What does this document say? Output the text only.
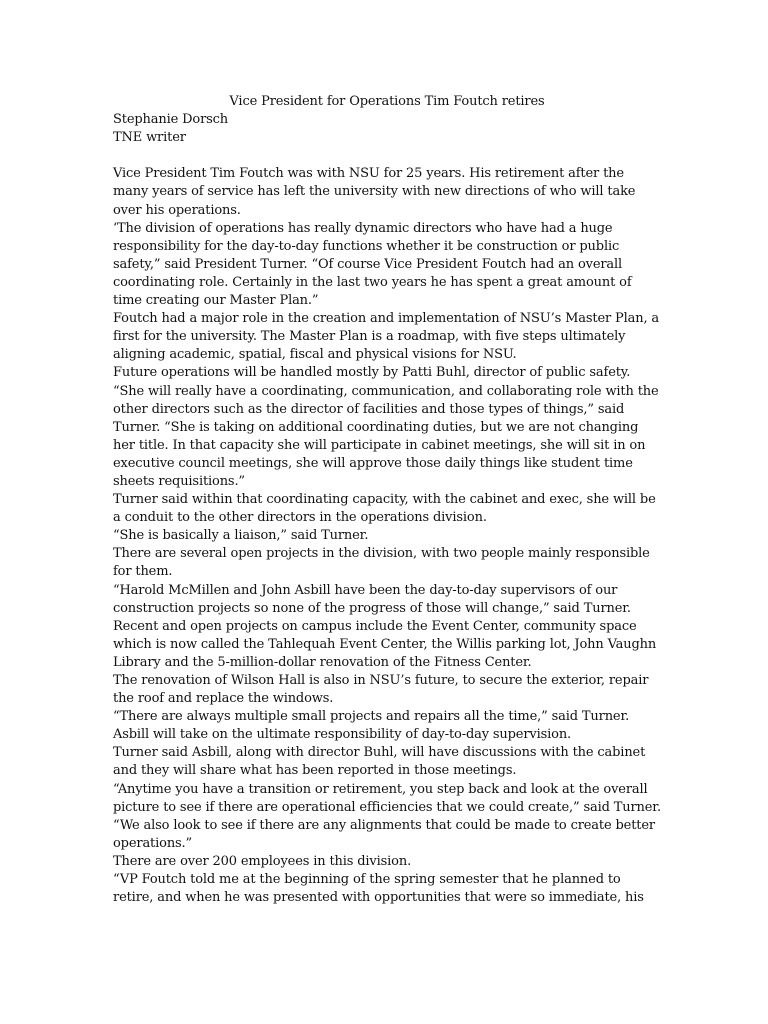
Vice President for Operations Tim Foutch retires
Stephanie Dorsch
TNE writer

Vice President Tim Foutch was with NSU for 25 years. His retirement after the many years of service has left the university with new directions of who will take over his operations.

‘The division of operations has really dynamic directors who have had a huge responsibility for the day-to-day functions whether it be construction or public safety,” said President Turner. “Of course Vice President Foutch had an overall coordinating role. Certainly in the last two years he has spent a great amount of time creating our Master Plan.”

Foutch had a major role in the creation and implementation of NSU’s Master Plan, a first for the university. The Master Plan is a roadmap, with five steps ultimately aligning academic, spatial, fiscal and physical visions for NSU.

Future operations will be handled mostly by Patti Buhl, director of public safety.

“She will really have a coordinating, communication, and collaborating role with the other directors such as the director of facilities and those types of things,” said Turner. “She is taking on additional coordinating duties, but we are not changing her title. In that capacity she will participate in cabinet meetings, she will sit in on executive council meetings, she will approve those daily things like student time sheets requisitions.”

Turner said within that coordinating capacity, with the cabinet and exec, she will be a conduit to the other directors in the operations division.

“She is basically a liaison,” said Turner.

There are several open projects in the division, with two people mainly responsible for them.

“Harold McMillen and John Asbill have been the day-to-day supervisors of our construction projects so none of the progress of those will change,” said Turner.

Recent and open projects on campus include the Event Center, community space which is now called the Tahlequah Event Center, the Willis parking lot, John Vaughn Library and the 5-million-dollar renovation of the Fitness Center.

The renovation of Wilson Hall is also in NSU’s future, to secure the exterior, repair the roof and replace the windows.

“There are always multiple small projects and repairs all the time,” said Turner.

Asbill will take on the ultimate responsibility of day-to-day supervision.

Turner said Asbill, along with director Buhl, will have discussions with the cabinet and they will share what has been reported in those meetings.

“Anytime you have a transition or retirement, you step back and look at the overall picture to see if there are operational efficiencies that we could create,” said Turner.

“We also look to see if there are any alignments that could be made to create better operations.”

There are over 200 employees in this division.

“VP Foutch told me at the beginning of the spring semester that he planned to retire, and when he was presented with opportunities that were so immediate, his
